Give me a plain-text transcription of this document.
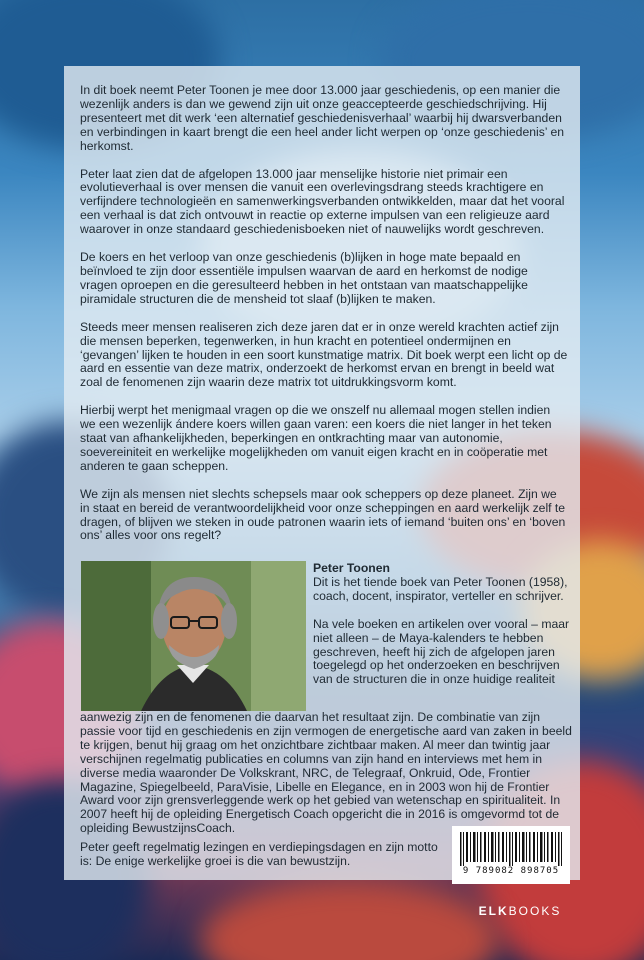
In dit boek neemt Peter Toonen je mee door 13.000 jaar geschiedenis, op een manier die wezenlijk anders is dan we gewend zijn uit onze geaccepteerde geschiedschrijving. Hij presenteert met dit werk ‘een alternatief geschiedenisverhaal’ waarbij hij dwarsverbanden en verbindingen in kaart brengt die een heel ander licht werpen op ‘onze geschiedenis’ en herkomst.

Peter laat zien dat de afgelopen 13.000 jaar menselijke historie niet primair een evolutieverhaal is over mensen die vanuit een overlevingsdrang steeds krachtigere en verfijndere technologieën en samenwerkingsverbanden ontwikkelden, maar dat het vooral een verhaal is dat zich ontvouwt in reactie op externe impulsen van een religieuze aard waarover in onze standaard geschiedenisboeken niet of nauwelijks wordt geschreven.

De koers en het verloop van onze geschiedenis (b)lijken in hoge mate bepaald en beïnvloed te zijn door essentiële impulsen waarvan de aard en herkomst de nodige vragen oproepen en die geresulteerd hebben in het ontstaan van maatschappelijke piramidale structuren die de mensheid tot slaaf (b)lijken te maken.

Steeds meer mensen realiseren zich deze jaren dat er in onze wereld krachten actief zijn die mensen beperken, tegenwerken, in hun kracht en potentieel ondermijnen en ‘gevangen’ lijken te houden in een soort kunstmatige matrix. Dit boek werpt een licht op de aard en essentie van deze matrix, onderzoekt de herkomst ervan en brengt in beeld wat zoal de fenomenen zijn waarin deze matrix tot uitdrukkingsvorm komt.

Hierbij werpt het menigmaal vragen op die we onszelf nu allemaal mogen stellen indien we een wezenlijk ándere koers willen gaan varen: een koers die niet langer in het teken staat van afhankelijkheden, beperkingen en ontkrachting maar van autonomie, soevereiniteit en werkelijke mogelijkheden om vanuit eigen kracht en in coöperatie met anderen te gaan scheppen.

We zijn als mensen niet slechts schepsels maar ook scheppers op deze planeet. Zijn we in staat en bereid de verantwoordelijkheid voor onze scheppingen en aard werkelijk zelf te dragen, of blijven we steken in oude patronen waarin iets of iemand ‘buiten ons’ en ‘boven ons’ alles voor ons regelt?

Peter Toonen
Dit is het tiende boek van Peter Toonen (1958), coach, docent, inspirator, verteller en schrijver.

Na vele boeken en artikelen over vooral – maar niet alleen – de Maya-kalenders te hebben geschreven, heeft hij zich de afgelopen jaren toegelegd op het onderzoeken en beschrijven van de structuren die in onze huidige realiteit

aanwezig zijn en de fenomenen die daarvan het resultaat zijn. De combinatie van zijn passie voor tijd en geschiedenis en zijn vermogen de energetische aard van zaken in beeld te krijgen, benut hij graag om het onzichtbare zichtbaar maken. Al meer dan twintig jaar verschijnen regelmatig publicaties en columns van zijn hand en interviews met hem in diverse media waaronder De Volkskrant, NRC, de Telegraaf, Onkruid, Ode, Frontier Magazine, Spiegelbeeld, ParaVisie, Libelle en Elegance, en in 2003 won hij de Frontier Award voor zijn grensverleggende werk op het gebied van wetenschap en spiritualiteit. In 2007 heeft hij de opleiding Energetisch Coach opgericht die in 2016 is omgevormd tot de opleiding BewustzijnsCoach.

Peter geeft regelmatig lezingen en verdiepingsdagen en zijn motto is: De enige werkelijke groei is die van bewustzijn.
9 789082 898705
ELKBOOKS
